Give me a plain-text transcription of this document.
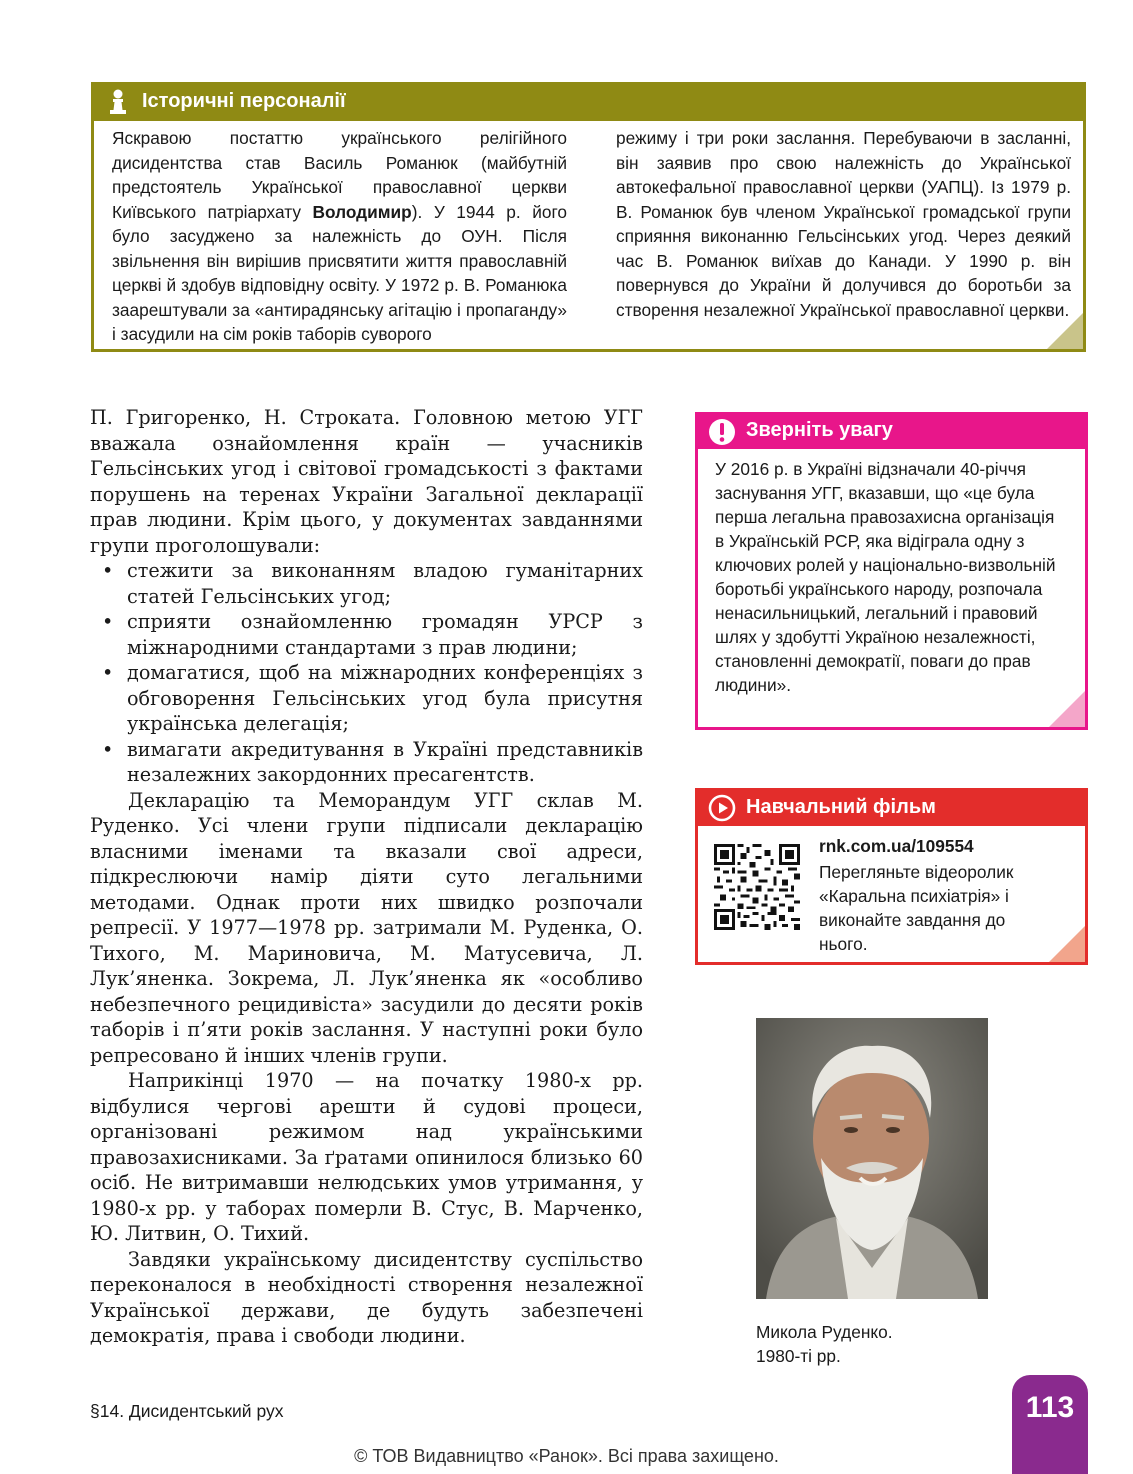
Історичні персоналії
Яскравою постаттю українського релігійного дисидентства став Василь Романюк (майбутній предстоятель Української православної церкви Київського патріархату Володимир). У 1944 р. його було засуджено за належність до ОУН. Після звільнення він вирішив присвятити життя православній церкві й здобув відповідну освіту. У 1972 р. В. Романюка заарештували за «антирадянську агітацію і пропаганду» і засудили на сім років таборів суворого
режиму і три роки заслання. Перебуваючи в засланні, він заявив про свою належність до Української автокефальної православної церкви (УАПЦ). Із 1979 р. В. Романюк був членом Української громадської групи сприяння виконанню Гельсінських угод. Через деякий час В. Романюк виїхав до Канади. У 1990 р. він повернувся до України й долучився до боротьби за створення незалежної Української православної церкви.

П. Григоренко, Н. Строката. Головною метою УГГ вважала ознайомлення країн — учасників Гельсінських угод і світової громадськості з фактами порушень на теренах України Загальної декларації прав людини. Крім цього, у документах завданнями групи проголошували:

• стежити за виконанням владою гуманітарних статей Гельсінських угод;
• сприяти ознайомленню громадян УРСР з міжнародними стандартами з прав людини;
• домагатися, щоб на міжнародних конференціях з обговорення Гельсінських угод була присутня українська делегація;
• вимагати акредитування в Україні представників незалежних закордонних пресагентств.

Декларацію та Меморандум УГГ склав М. Руденко. Усі члени групи підписали декларацію власними іменами та вказали свої адреси, підкреслюючи намір діяти суто легальними методами. Однак проти них швидко розпочали репресії. У 1977—1978 рр. затримали М. Руденка, О. Тихого, М. Мариновича, М. Матусевича, Л. Лук’яненка. Зокрема, Л. Лук’яненка як «особливо небезпечного рецидивіста» засудили до десяти років таборів і п’яти років заслання. У наступні роки було репресовано й інших членів групи.

Наприкінці 1970 — на початку 1980-х рр. відбулися чергові арешти й судові процеси, організовані режимом над українськими правозахисниками. За ґратами опинилося близько 60 осіб. Не витримавши нелюдських умов утримання, у 1980-х рр. у таборах померли В. Стус, В. Марченко, Ю. Литвин, О. Тихий.

Завдяки українському дисидентству суспільство переконалося в необхідності створення незалежної Української держави, де будуть забезпечені демократія, права і свободи людини.

Зверніть увагу
У 2016 р. в Україні відзначали 40-річчя заснування УГГ, вказавши, що «це була перша легальна правозахисна організація в Українській РСР, яка відіграла одну з ключових ролей у національно-визвольній боротьбі українського народу, розпочала ненасильницький, легальний і правовий шлях у здобутті Україною незалежності, становленні демократії, поваги до прав людини».
Навчальний фільм
rnk.com.ua/109554
Перегляньте відеоролик «Каральна психіатрія» і виконайте завдання до нього.
Микола Руденко.
1980-ті рр.
§14. Дисидентський рух	113
© ТОВ Видавництво «Ранок». Всі права захищено.
